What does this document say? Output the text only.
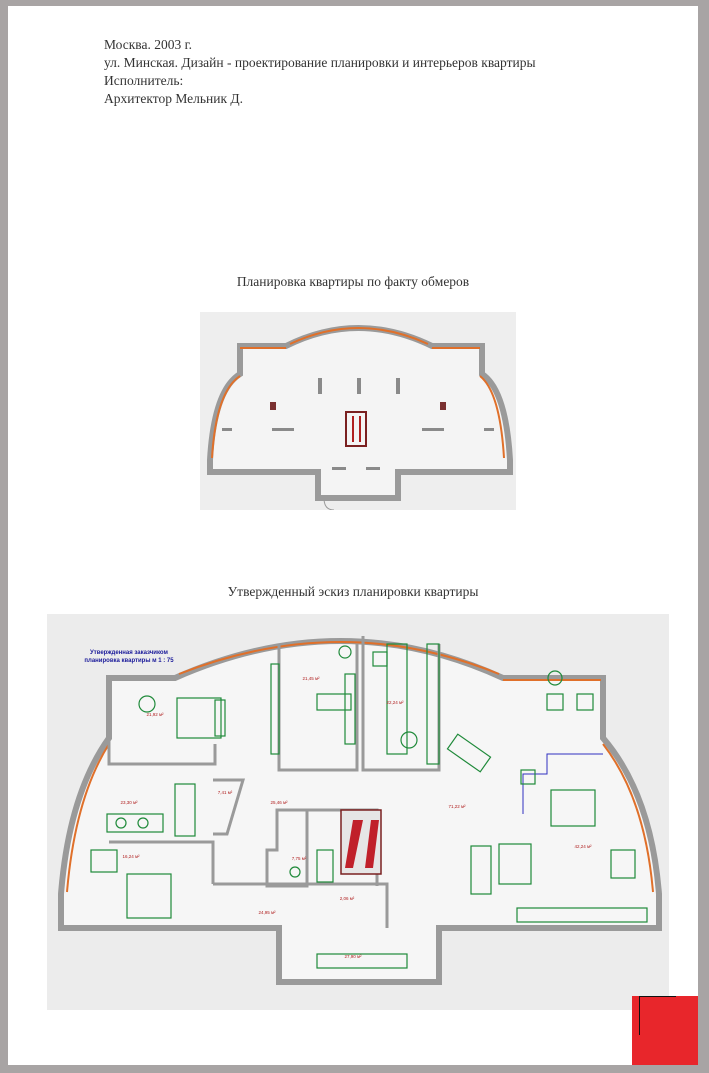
Москва. 2003 г.
ул. Минская. Дизайн - проектирование планировки и интерьеров квартиры
Исполнитель:
Архитектор Мельник Д.
Планировка квартиры по факту обмеров
Утвержденный эскиз планировки квартиры
Утвержденная заказчиком
планировка квартиры м 1 : 75
21,92 м²
21,45 м²
22,24 м²
23,30 м²
7,41 м²
25,46 м²
71,22 м²
42,24 м²
16,24 м²	7,75 м²
2,06 м²
24,95 м²
27,90 м²
